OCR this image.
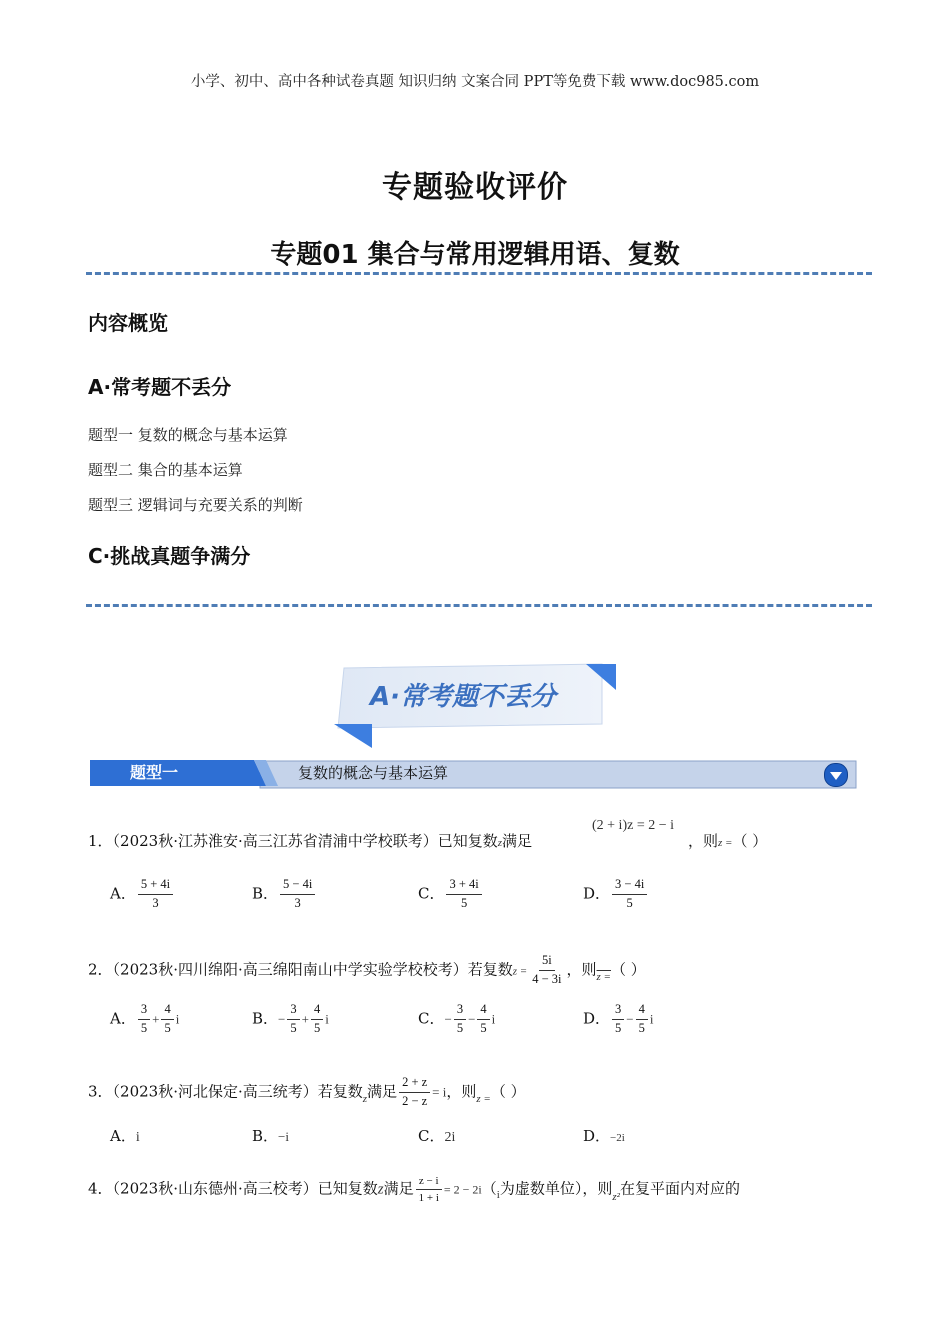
小学、初中、高中各种试卷真题 知识归纳 文案合同 PPT等免费下载 www.doc985.com
专题验收评价
专题01 集合与常用逻辑用语、复数
内容概览
A·常考题不丢分
题型一 复数的概念与基本运算
题型二 集合的基本运算
题型三 逻辑词与充要关系的判断
C·挑战真题争满分
A·常考题不丢分
题型一	复数的概念与基本运算
1．（2023秋·江苏淮安·高三江苏省清浦中学校联考）已知复数z满足
(2 + i)z = 2 − i
，则z =（ ）
A． $\frac{5 + 4i}{3}$	B． $\frac{5 - 4i}{3}$	C． $\frac{3 + 4i}{5}$	D． $\frac{3 - 4i}{5}$
2．（2023秋·四川绵阳·高三绵阳南山中学实验学校校考）若复数$z = \frac{5i}{4 - 3i}$ ，则$_{z =}$（ ）
A． $\frac{3}{5} + \frac{4}{5}$ i	B．− $\frac{3}{5} + \frac{4}{5}$ i	C．− $\frac{3}{5} - \frac{4}{5}$ i	D． $\frac{3}{5} - \frac{4}{5}$ i
3．（2023秋·河北保定·高三统考）若复数$_z$满足 $\frac{2 + z}{2 - z} = i$，则$_{z =}$（ ）
A．i	B．−i	C．2i	D．−2i
4．（2023秋·山东德州·高三校考）已知复数z满足 $\frac{z - i}{1 + i} = 2 - 2i(_i$为虚数单位），则$_{z^2}$在复平面内对应的
